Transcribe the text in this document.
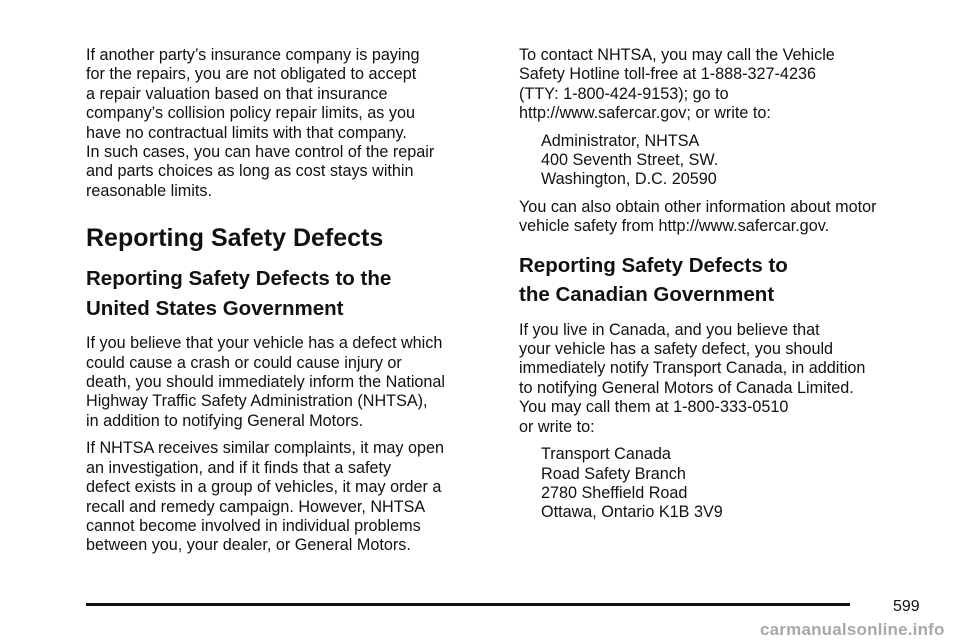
If another party’s insurance company is paying
for the repairs, you are not obligated to accept
a repair valuation based on that insurance
company’s collision policy repair limits, as you
have no contractual limits with that company.
In such cases, you can have control of the repair
and parts choices as long as cost stays within
reasonable limits.

Reporting Safety Defects
Reporting Safety Defects to the
United States Government

If you believe that your vehicle has a defect which
could cause a crash or could cause injury or
death, you should immediately inform the National
Highway Traffic Safety Administration (NHTSA),
in addition to notifying General Motors.

If NHTSA receives similar complaints, it may open
an investigation, and if it finds that a safety
defect exists in a group of vehicles, it may order a
recall and remedy campaign. However, NHTSA
cannot become involved in individual problems
between you, your dealer, or General Motors.

To contact NHTSA, you may call the Vehicle
Safety Hotline toll-free at 1-888-327-4236
(TTY: 1-800-424-9153); go to
http://www.safercar.gov; or write to:

Administrator, NHTSA
400 Seventh Street, SW.
Washington, D.C. 20590

You can also obtain other information about motor
vehicle safety from http://www.safercar.gov.

Reporting Safety Defects to
the Canadian Government

If you live in Canada, and you believe that
your vehicle has a safety defect, you should
immediately notify Transport Canada, in addition
to notifying General Motors of Canada Limited.
You may call them at 1-800-333-0510
or write to:

Transport Canada
Road Safety Branch
2780 Sheffield Road
Ottawa, Ontario K1B 3V9

599
carmanualsonline.info
